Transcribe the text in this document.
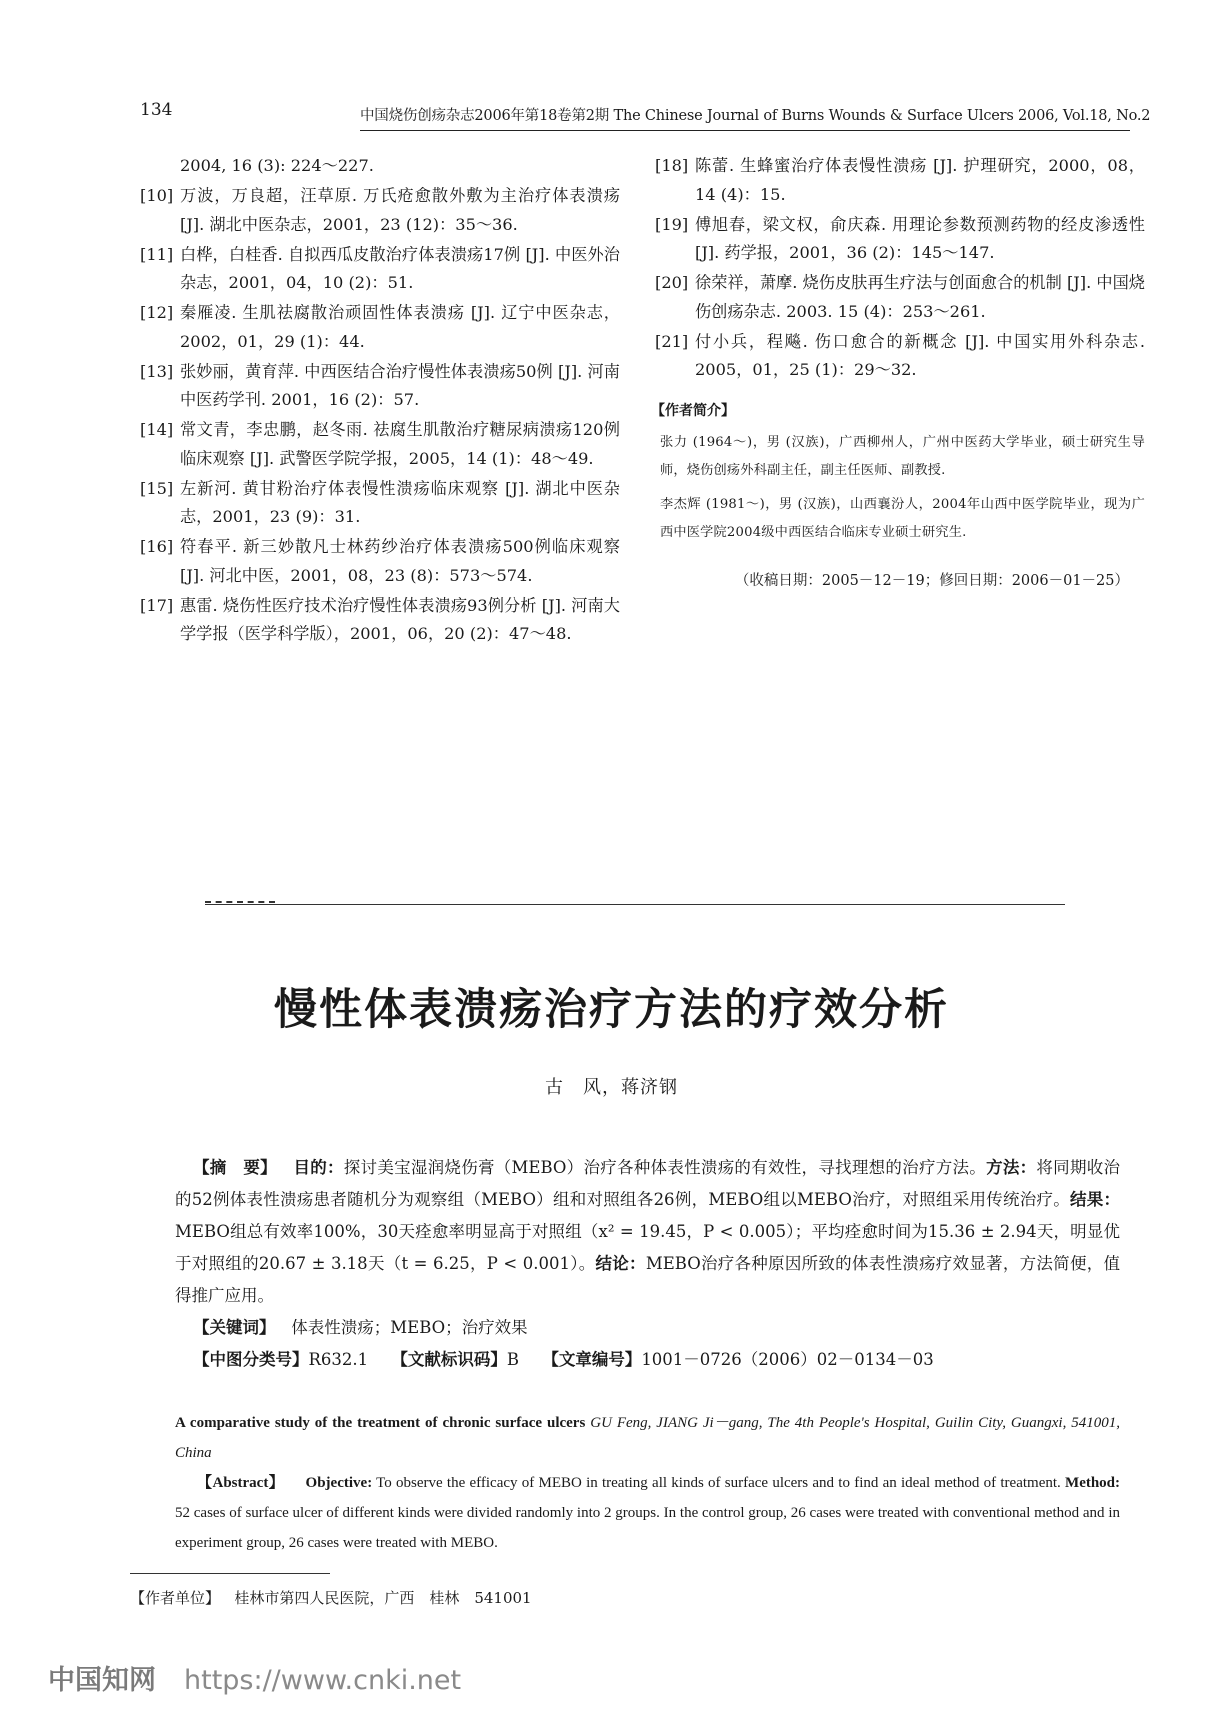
134	中国烧伤创疡杂志2006年第18卷第2期 The Chinese Journal of Burns Wounds & Surface Ulcers 2006, Vol.18, No.2
2004, 16 (3): 224～227.
[10] 万波，万良超，汪草原. 万氏疮愈散外敷为主治疗体表溃疡 [J]. 湖北中医杂志，2001，23 (12)：35～36.
[11] 白桦，白桂香. 自拟西瓜皮散治疗体表溃疡17例 [J]. 中医外治杂志，2001，04，10 (2)：51.
[12] 秦雁凌. 生肌祛腐散治顽固性体表溃疡 [J]. 辽宁中医杂志，2002，01，29 (1)：44.
[13] 张妙丽，黄育萍. 中西医结合治疗慢性体表溃疡50例 [J]. 河南中医药学刊. 2001，16 (2)：57.
[14] 常文青，李忠鹏，赵冬雨. 祛腐生肌散治疗糖尿病溃疡120例临床观察 [J]. 武警医学院学报，2005，14 (1)：48～49.
[15] 左新河. 黄甘粉治疗体表慢性溃疡临床观察 [J]. 湖北中医杂志，2001，23 (9)：31.
[16] 符春平. 新三妙散凡士林药纱治疗体表溃疡500例临床观察 [J]. 河北中医，2001，08，23 (8)：573～574.
[17] 惠雷. 烧伤性医疗技术治疗慢性体表溃疡93例分析 [J]. 河南大学学报（医学科学版），2001，06，20 (2)：47～48.
[18] 陈蕾. 生蜂蜜治疗体表慢性溃疡 [J]. 护理研究，2000，08，14 (4)：15.
[19] 傅旭春，梁文权，俞庆森. 用理论参数预测药物的经皮渗透性 [J]. 药学报，2001，36 (2)：145～147.
[20] 徐荣祥，萧摩. 烧伤皮肤再生疗法与创面愈合的机制 [J]. 中国烧伤创疡杂志. 2003. 15 (4)：253～261.
[21] 付小兵，程飚. 伤口愈合的新概念 [J]. 中国实用外科杂志. 2005，01，25 (1)：29～32.
【作者简介】

张力 (1964～)，男 (汉族)，广西柳州人，广州中医药大学毕业，硕士研究生导师，烧伤创疡外科副主任，副主任医师、副教授.

李杰辉 (1981～)，男 (汉族)，山西襄汾人，2004年山西中医学院毕业，现为广西中医学院2004级中西医结合临床专业硕士研究生.

（收稿日期：2005－12－19；修回日期：2006－01－25）
慢性体表溃疡治疗方法的疗效分析
古　风，蒋济钢

【摘　要】 目的：探讨美宝湿润烧伤膏（MEBO）治疗各种体表性溃疡的有效性，寻找理想的治疗方法。方法：将同期收治的52例体表性溃疡患者随机分为观察组（MEBO）组和对照组各26例，MEBO组以MEBO治疗，对照组采用传统治疗。结果：MEBO组总有效率100%，30天痊愈率明显高于对照组（x² = 19.45，P < 0.005）；平均痊愈时间为15.36 ± 2.94天，明显优于对照组的20.67 ± 3.18天（t = 6.25，P < 0.001）。结论：MEBO治疗各种原因所致的体表性溃疡疗效显著，方法简便，值得推广应用。

【关键词】 体表性溃疡；MEBO；治疗效果

【中图分类号】R632.1 【文献标识码】B 【文章编号】1001－0726（2006）02－0134－03

A comparative study of the treatment of chronic surface ulcers GU Feng, JIANG Ji－gang, The 4th People's Hospital, Guilin City, Guangxi, 541001, China

【Abstract】 Objective: To observe the efficacy of MEBO in treating all kinds of surface ulcers and to find an ideal method of treatment. Method: 52 cases of surface ulcer of different kinds were divided randomly into 2 groups. In the control group, 26 cases were treated with conventional method and in experiment group, 26 cases were treated with MEBO.

【作者单位】 桂林市第四人民医院，广西　桂林　541001
中国知网 https://www.cnki.net
